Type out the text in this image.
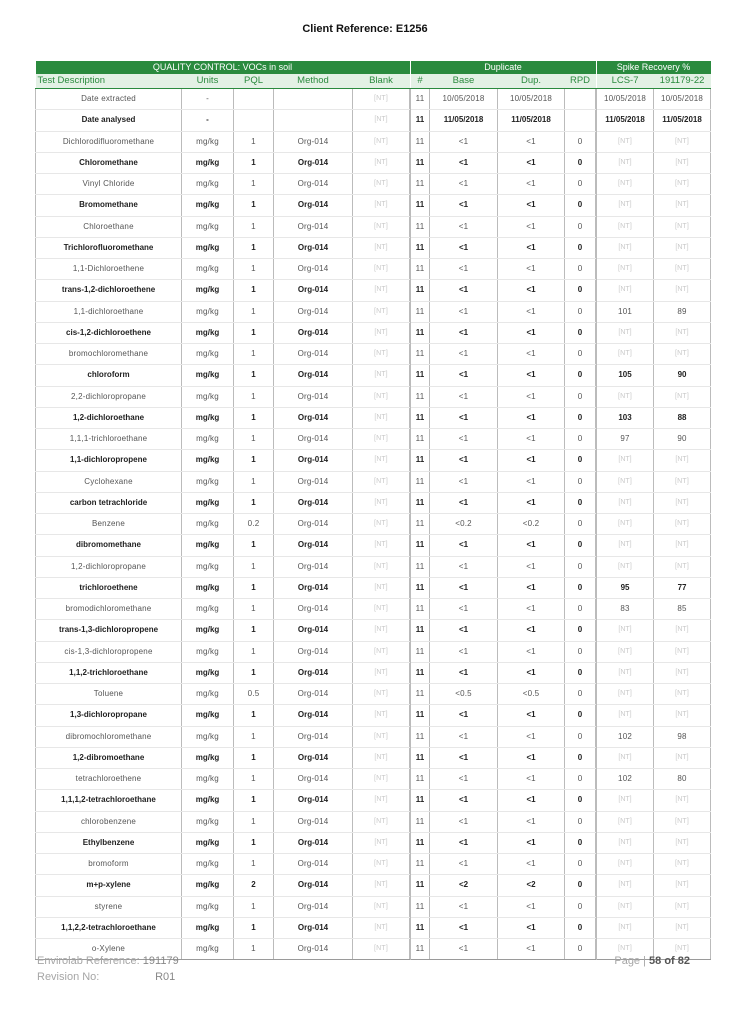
Client Reference: E1256
QUALITY CONTROL: VOCs in soil					Duplicate				Spike Recovery %	
Test Description	Units	PQL	Method	Blank		#	Base	Dup.	RPD		LCS-7	191179-22
Date extracted	-			[NT]		11	10/05/2018	10/05/2018			10/05/2018	10/05/2018
Date analysed	-			[NT]		11	11/05/2018	11/05/2018			11/05/2018	11/05/2018
Dichlorodifluoromethane	mg/kg	1	Org-014	[NT]		11	<1	<1	0		[NT]	[NT]
Chloromethane	mg/kg	1	Org-014	[NT]		11	<1	<1	0		[NT]	[NT]
Vinyl Chloride	mg/kg	1	Org-014	[NT]		11	<1	<1	0		[NT]	[NT]
Bromomethane	mg/kg	1	Org-014	[NT]		11	<1	<1	0		[NT]	[NT]
Chloroethane	mg/kg	1	Org-014	[NT]		11	<1	<1	0		[NT]	[NT]
Trichlorofluoromethane	mg/kg	1	Org-014	[NT]		11	<1	<1	0		[NT]	[NT]
1,1-Dichloroethene	mg/kg	1	Org-014	[NT]		11	<1	<1	0		[NT]	[NT]
trans-1,2-dichloroethene	mg/kg	1	Org-014	[NT]		11	<1	<1	0		[NT]	[NT]
1,1-dichloroethane	mg/kg	1	Org-014	[NT]		11	<1	<1	0		101	89
cis-1,2-dichloroethene	mg/kg	1	Org-014	[NT]		11	<1	<1	0		[NT]	[NT]
bromochloromethane	mg/kg	1	Org-014	[NT]		11	<1	<1	0		[NT]	[NT]
chloroform	mg/kg	1	Org-014	[NT]		11	<1	<1	0		105	90
2,2-dichloropropane	mg/kg	1	Org-014	[NT]		11	<1	<1	0		[NT]	[NT]
1,2-dichloroethane	mg/kg	1	Org-014	[NT]		11	<1	<1	0		103	88
1,1,1-trichloroethane	mg/kg	1	Org-014	[NT]		11	<1	<1	0		97	90
1,1-dichloropropene	mg/kg	1	Org-014	[NT]		11	<1	<1	0		[NT]	[NT]
Cyclohexane	mg/kg	1	Org-014	[NT]		11	<1	<1	0		[NT]	[NT]
carbon tetrachloride	mg/kg	1	Org-014	[NT]		11	<1	<1	0		[NT]	[NT]
Benzene	mg/kg	0.2	Org-014	[NT]		11	<0.2	<0.2	0		[NT]	[NT]
dibromomethane	mg/kg	1	Org-014	[NT]		11	<1	<1	0		[NT]	[NT]
1,2-dichloropropane	mg/kg	1	Org-014	[NT]		11	<1	<1	0		[NT]	[NT]
trichloroethene	mg/kg	1	Org-014	[NT]		11	<1	<1	0		95	77
bromodichloromethane	mg/kg	1	Org-014	[NT]		11	<1	<1	0		83	85
trans-1,3-dichloropropene	mg/kg	1	Org-014	[NT]		11	<1	<1	0		[NT]	[NT]
cis-1,3-dichloropropene	mg/kg	1	Org-014	[NT]		11	<1	<1	0		[NT]	[NT]
1,1,2-trichloroethane	mg/kg	1	Org-014	[NT]		11	<1	<1	0		[NT]	[NT]
Toluene	mg/kg	0.5	Org-014	[NT]		11	<0.5	<0.5	0		[NT]	[NT]
1,3-dichloropropane	mg/kg	1	Org-014	[NT]		11	<1	<1	0		[NT]	[NT]
dibromochloromethane	mg/kg	1	Org-014	[NT]		11	<1	<1	0		102	98
1,2-dibromoethane	mg/kg	1	Org-014	[NT]		11	<1	<1	0		[NT]	[NT]
tetrachloroethene	mg/kg	1	Org-014	[NT]		11	<1	<1	0		102	80
1,1,1,2-tetrachloroethane	mg/kg	1	Org-014	[NT]		11	<1	<1	0		[NT]	[NT]
chlorobenzene	mg/kg	1	Org-014	[NT]		11	<1	<1	0		[NT]	[NT]
Ethylbenzene	mg/kg	1	Org-014	[NT]		11	<1	<1	0		[NT]	[NT]
bromoform	mg/kg	1	Org-014	[NT]		11	<1	<1	0		[NT]	[NT]
m+p-xylene	mg/kg	2	Org-014	[NT]		11	<2	<2	0		[NT]	[NT]
styrene	mg/kg	1	Org-014	[NT]		11	<1	<1	0		[NT]	[NT]
1,1,2,2-tetrachloroethane	mg/kg	1	Org-014	[NT]		11	<1	<1	0		[NT]	[NT]
o-Xylene	mg/kg	1	Org-014	[NT]		11	<1	<1	0		[NT]	[NT]
Envirolab Reference: 191179
Revision No:	R01
Page | 58 of 82
